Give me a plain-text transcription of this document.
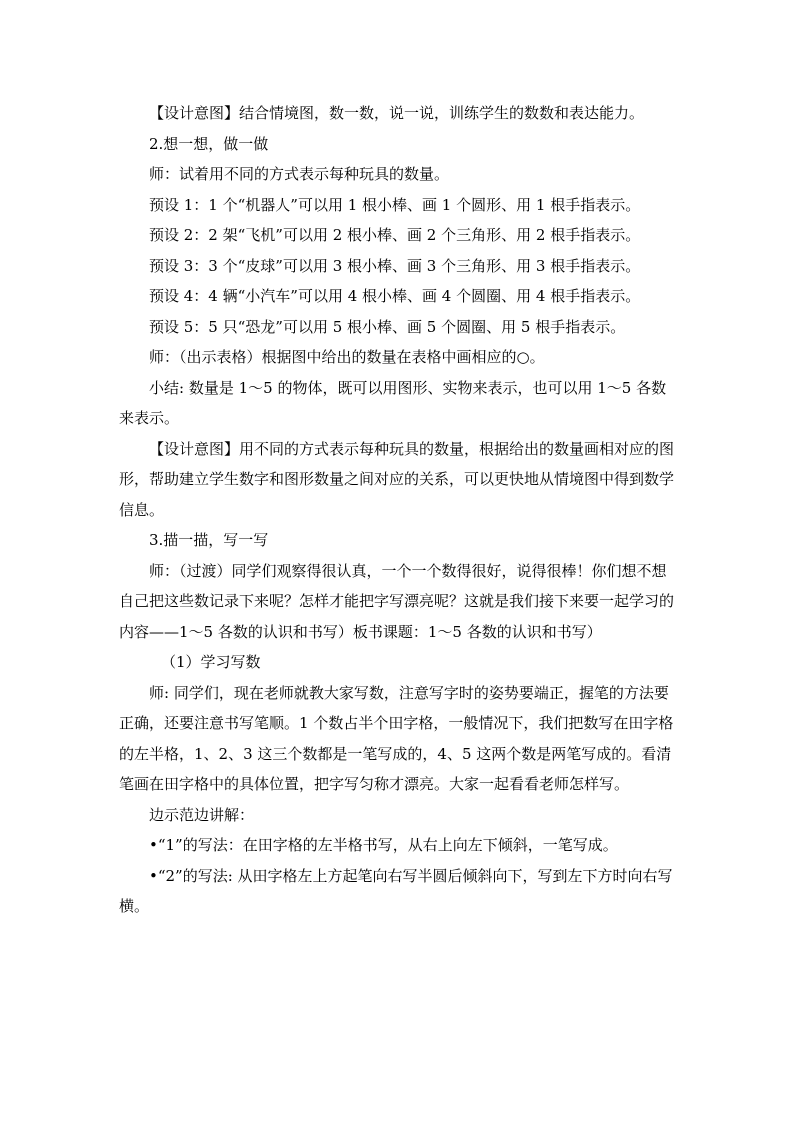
【设计意图】结合情境图，数一数，说一说，训练学生的数数和表达能力。

2.想一想，做一做

师：试着用不同的方式表示每种玩具的数量。

预设 1：1 个“机器人”可以用 1 根小棒、画 1 个圆形、用 1 根手指表示。

预设 2：2 架“飞机”可以用 2 根小棒、画 2 个三角形、用 2 根手指表示。

预设 3：3 个“皮球”可以用 3 根小棒、画 3 个三角形、用 3 根手指表示。

预设 4：4 辆“小汽车”可以用 4 根小棒、画 4 个圆圈、用 4 根手指表示。

预设 5：5 只“恐龙”可以用 5 根小棒、画 5 个圆圈、用 5 根手指表示。

师：（出示表格）根据图中给出的数量在表格中画相应的○。

小结: 数量是 1～5 的物体，既可以用图形、实物来表示，也可以用 1～5 各数来表示。

【设计意图】用不同的方式表示每种玩具的数量，根据给出的数量画相对应的图形，帮助建立学生数字和图形数量之间对应的关系，可以更快地从情境图中得到数学信息。

3.描一描，写一写

师：（过渡）同学们观察得很认真，一个一个数得很好，说得很棒！你们想不想自己把这些数记录下来呢？怎样才能把字写漂亮呢？这就是我们接下来要一起学习的内容——1～5 各数的认识和书写）板书课题：1～5 各数的认识和书写）

（1）学习写数

师: 同学们，现在老师就教大家写数，注意写字时的姿势要端正，握笔的方法要正确，还要注意书写笔顺。1 个数占半个田字格，一般情况下，我们把数写在田字格的左半格，1、2、3 这三个数都是一笔写成的，4、5 这两个数是两笔写成的。看清笔画在田字格中的具体位置，把字写匀称才漂亮。大家一起看看老师怎样写。

边示范边讲解：

•“1”的写法：在田字格的左半格书写，从右上向左下倾斜，一笔写成。

•“2”的写法: 从田字格左上方起笔向右写半圆后倾斜向下，写到左下方时向右写横。
